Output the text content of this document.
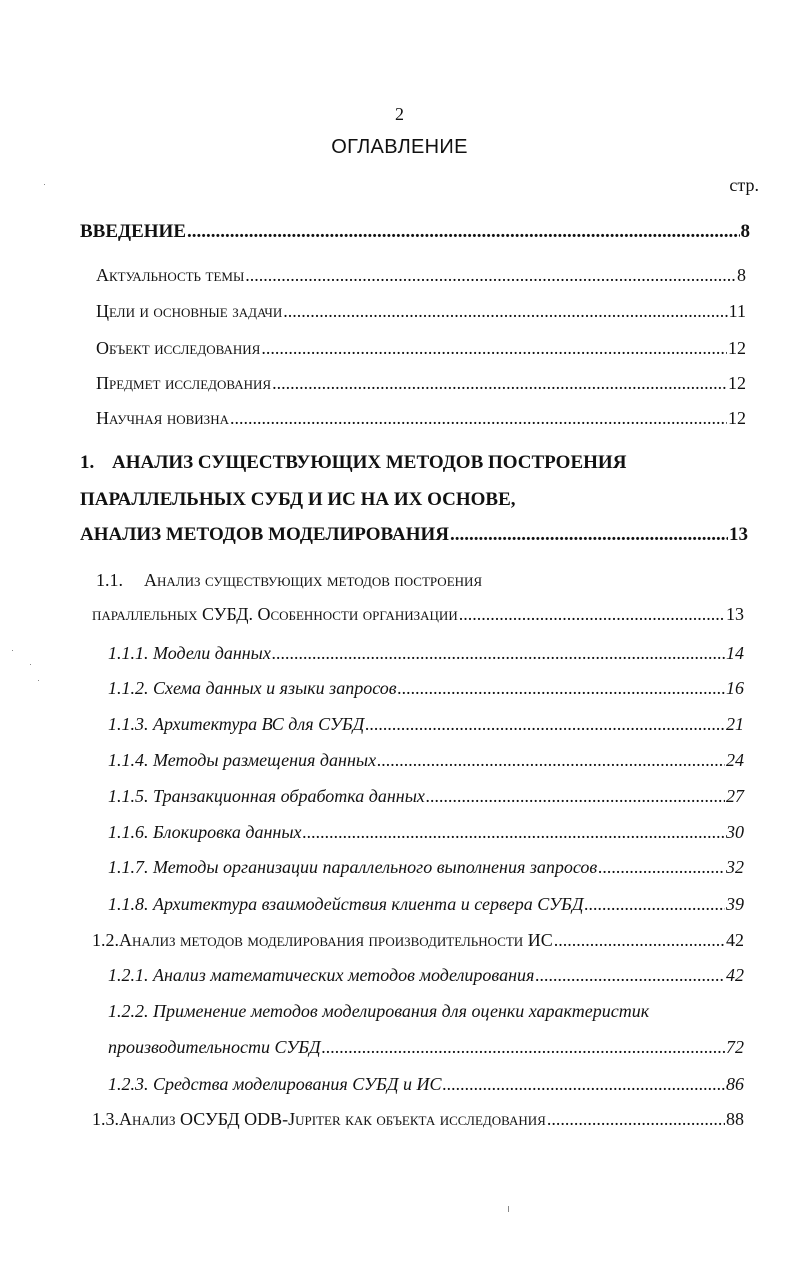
2
ОГЛАВЛЕНИЕ
стр.
ВВЕДЕНИЕ .....	8
Актуальность темы .....	8
Цели и основные задачи .....	11
Объект исследования .....	12
Предмет исследования .....	12
Научная новизна .....	12
1. АНАЛИЗ СУЩЕСТВУЮЩИХ МЕТОДОВ ПОСТРОЕНИЯ
ПАРАЛЛЕЛЬНЫХ СУБД И ИС НА ИХ ОСНОВЕ,
АНАЛИЗ МЕТОДОВ МОДЕЛИРОВАНИЯ .....	13
1.1.	Анализ существующих методов построения
параллельных СУБД. Особенности организации .....	13
1.1.1. Модели данных .....	14
1.1.2. Схема данных и языки запросов .....	16
1.1.3. Архитектура ВС для СУБД .....	21
1.1.4. Методы размещения данных .....	24
1.1.5. Транзакционная обработка данных .....	27
1.1.6. Блокировка данных .....	30
1.1.7. Методы организации параллельного выполнения запросов .....	32
1.1.8. Архитектура взаимодействия клиента и сервера СУБД .....	39
1.2. Анализ методов моделирования производительности ИС .....	42
1.2.1. Анализ математических методов моделирования .....	42
1.2.2. Применение методов моделирования для оценки характеристик
производительности СУБД .....	72
1.2.3. Средства моделирования СУБД и ИС .....	86
1.3. Анализ ОСУБД ODB-Jupiter как объекта исследования .....	88
